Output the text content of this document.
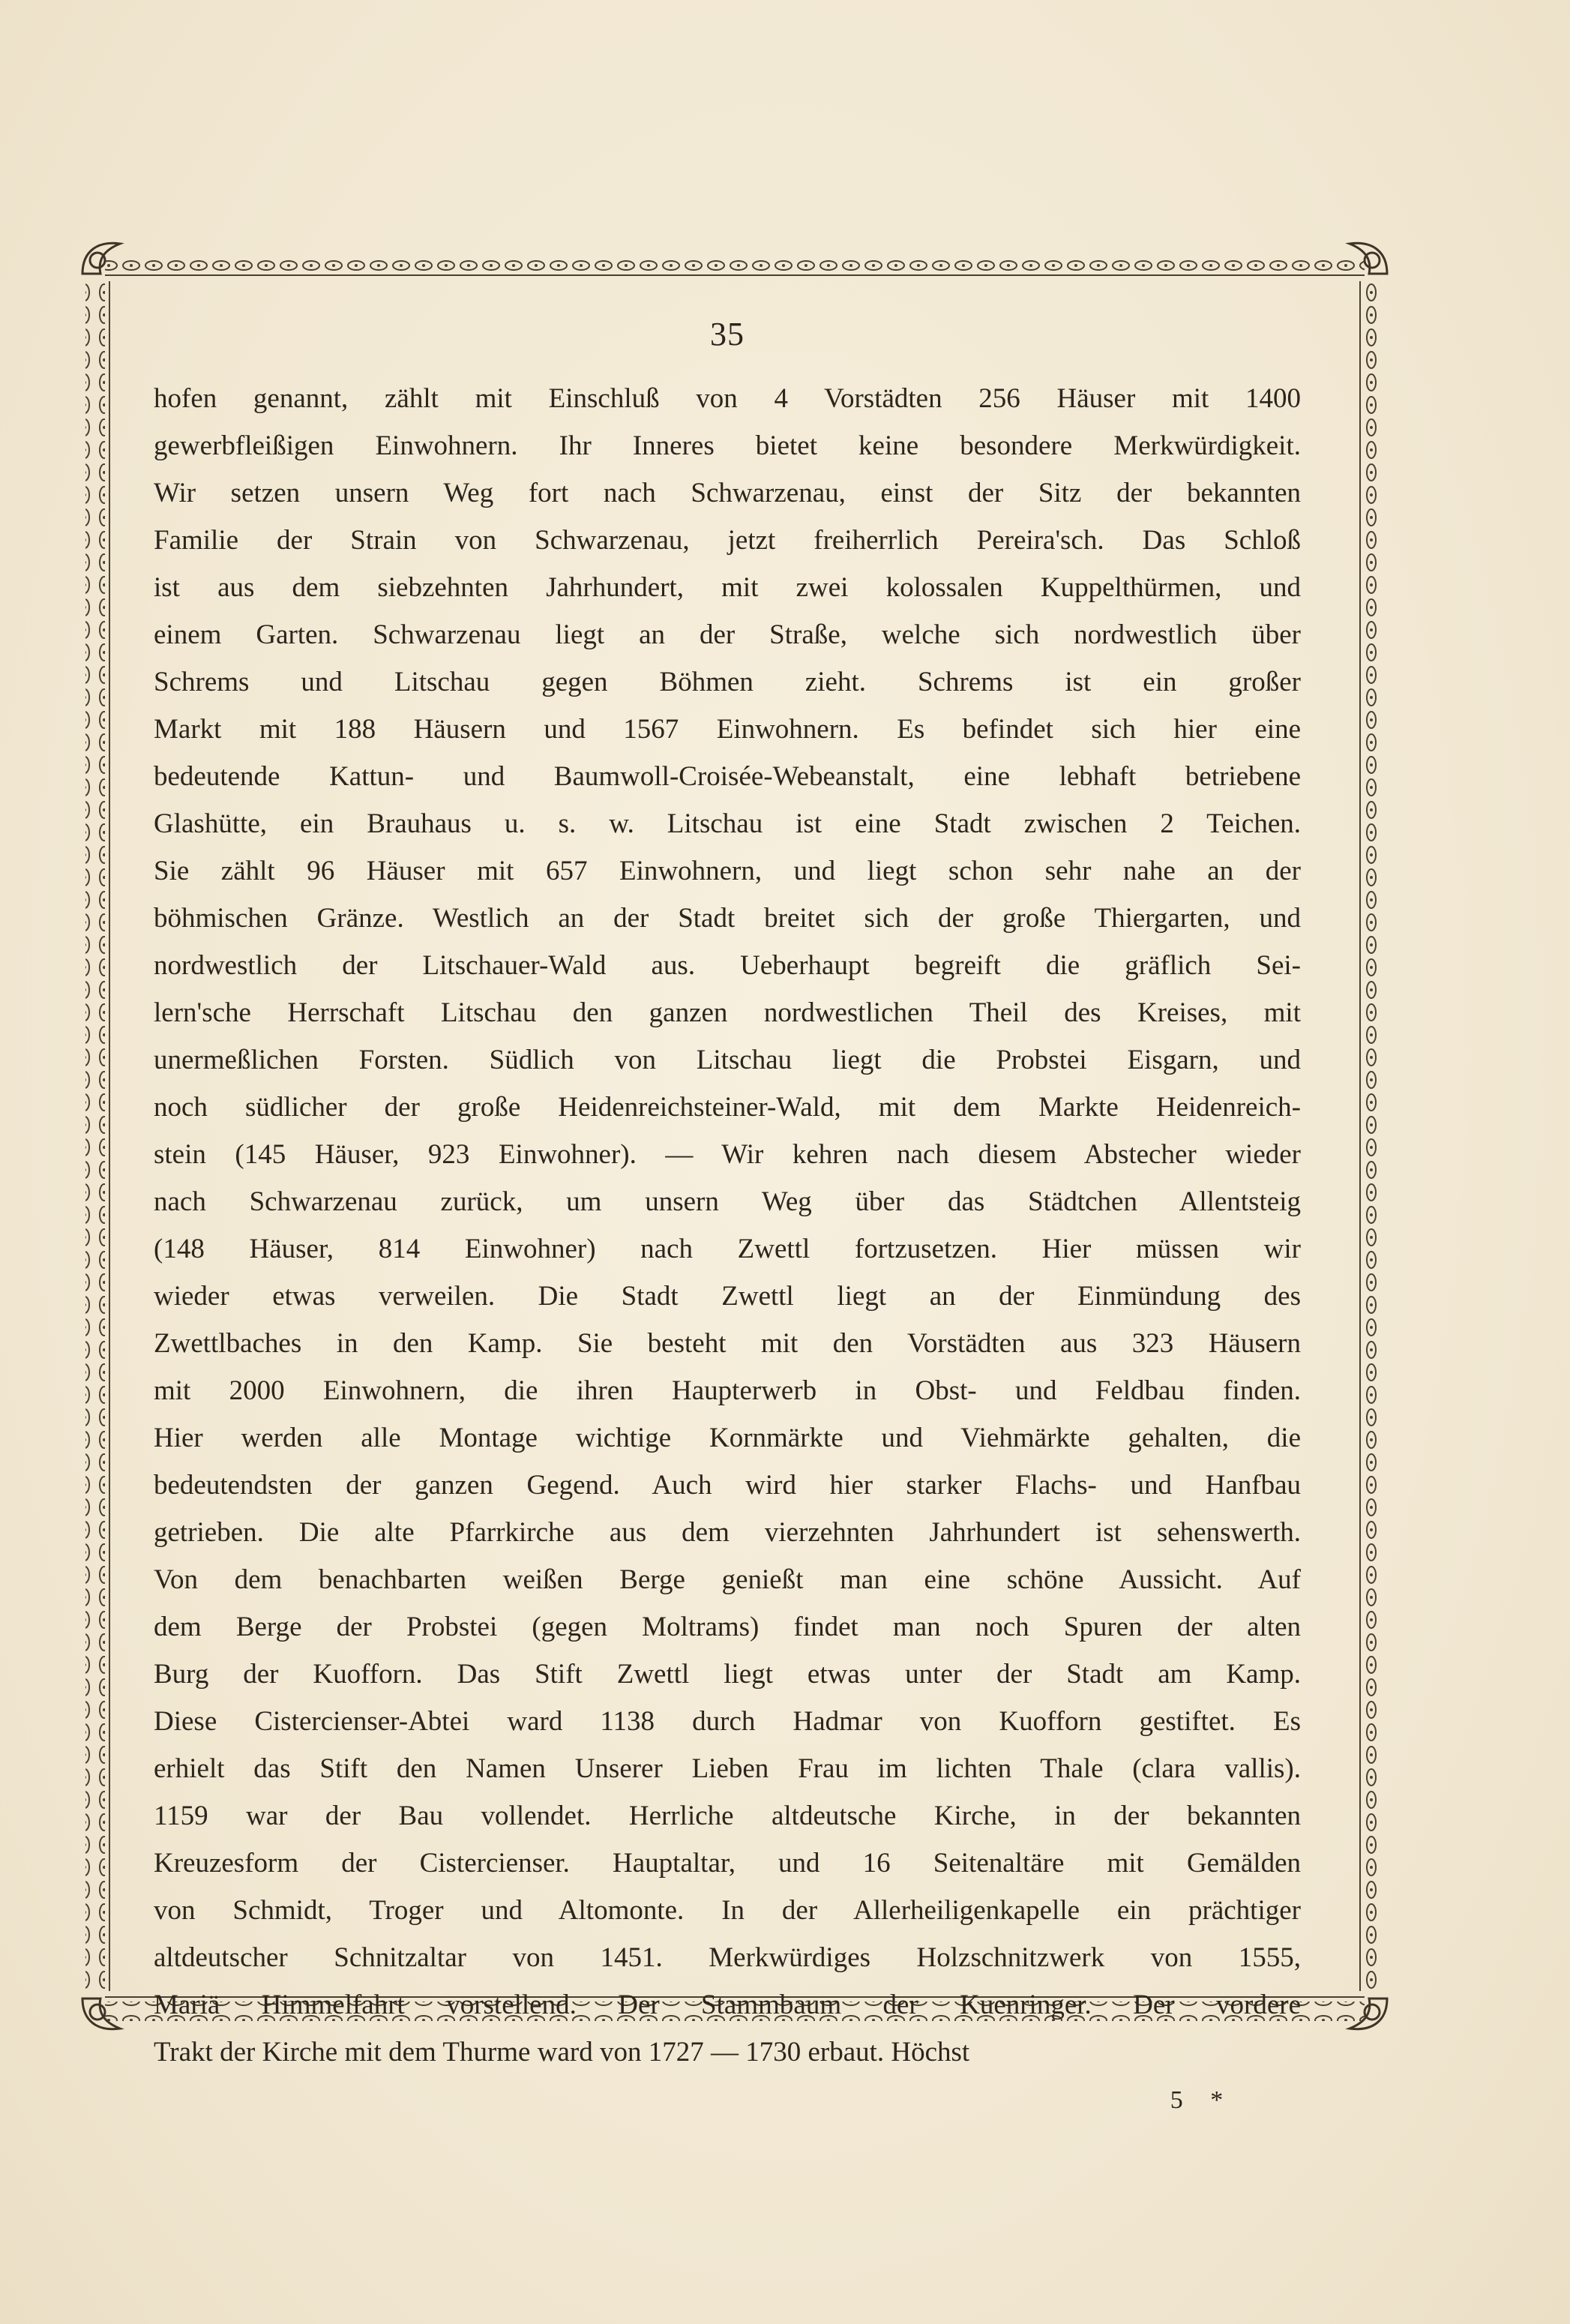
35
hofen genannt, zählt mit Einschluß von 4 Vorstädten 256 Häuser mit 1400
gewerbfleißigen Einwohnern. Ihr Inneres bietet keine besondere Merkwürdigkeit.
Wir setzen unsern Weg fort nach Schwarzenau, einst der Sitz der bekannten
Familie der Strain von Schwarzenau, jetzt freiherrlich Pereira'sch. Das Schloß
ist aus dem siebzehnten Jahrhundert, mit zwei kolossalen Kuppelthürmen, und
einem Garten. Schwarzenau liegt an der Straße, welche sich nordwestlich über
Schrems und Litschau gegen Böhmen zieht. Schrems ist ein großer
Markt mit 188 Häusern und 1567 Einwohnern. Es befindet sich hier eine
bedeutende Kattun- und Baumwoll-Croisée-Webeanstalt, eine lebhaft betriebene
Glashütte, ein Brauhaus u. s. w. Litschau ist eine Stadt zwischen 2 Teichen.
Sie zählt 96 Häuser mit 657 Einwohnern, und liegt schon sehr nahe an der
böhmischen Gränze. Westlich an der Stadt breitet sich der große Thiergarten, und
nordwestlich der Litschauer-Wald aus. Ueberhaupt begreift die gräflich Sei-
lern'sche Herrschaft Litschau den ganzen nordwestlichen Theil des Kreises, mit
unermeßlichen Forsten. Südlich von Litschau liegt die Probstei Eisgarn, und
noch südlicher der große Heidenreichsteiner-Wald, mit dem Markte Heidenreich-
stein (145 Häuser, 923 Einwohner). — Wir kehren nach diesem Abstecher wieder
nach Schwarzenau zurück, um unsern Weg über das Städtchen Allentsteig
(148 Häuser, 814 Einwohner) nach Zwettl fortzusetzen. Hier müssen wir
wieder etwas verweilen. Die Stadt Zwettl liegt an der Einmündung des
Zwettlbaches in den Kamp. Sie besteht mit den Vorstädten aus 323 Häusern
mit 2000 Einwohnern, die ihren Haupterwerb in Obst- und Feldbau finden.
Hier werden alle Montage wichtige Kornmärkte und Viehmärkte gehalten, die
bedeutendsten der ganzen Gegend. Auch wird hier starker Flachs- und Hanfbau
getrieben. Die alte Pfarrkirche aus dem vierzehnten Jahrhundert ist sehenswerth.
Von dem benachbarten weißen Berge genießt man eine schöne Aussicht. Auf
dem Berge der Probstei (gegen Moltrams) findet man noch Spuren der alten
Burg der Kuofforn. Das Stift Zwettl liegt etwas unter der Stadt am Kamp.
Diese Cistercienser-Abtei ward 1138 durch Hadmar von Kuofforn gestiftet. Es
erhielt das Stift den Namen Unserer Lieben Frau im lichten Thale (clara vallis).
1159 war der Bau vollendet. Herrliche altdeutsche Kirche, in der bekannten
Kreuzesform der Cistercienser. Hauptaltar, und 16 Seitenaltäre mit Gemälden
von Schmidt, Troger und Altomonte. In der Allerheiligenkapelle ein prächtiger
altdeutscher Schnitzaltar von 1451. Merkwürdiges Holzschnitzwerk von 1555,
Mariä Himmelfahrt vorstellend. Der Stammbaum der Kuenringer. Der vordere
Trakt der Kirche mit dem Thurme ward von 1727 — 1730 erbaut. Höchst
5 *
